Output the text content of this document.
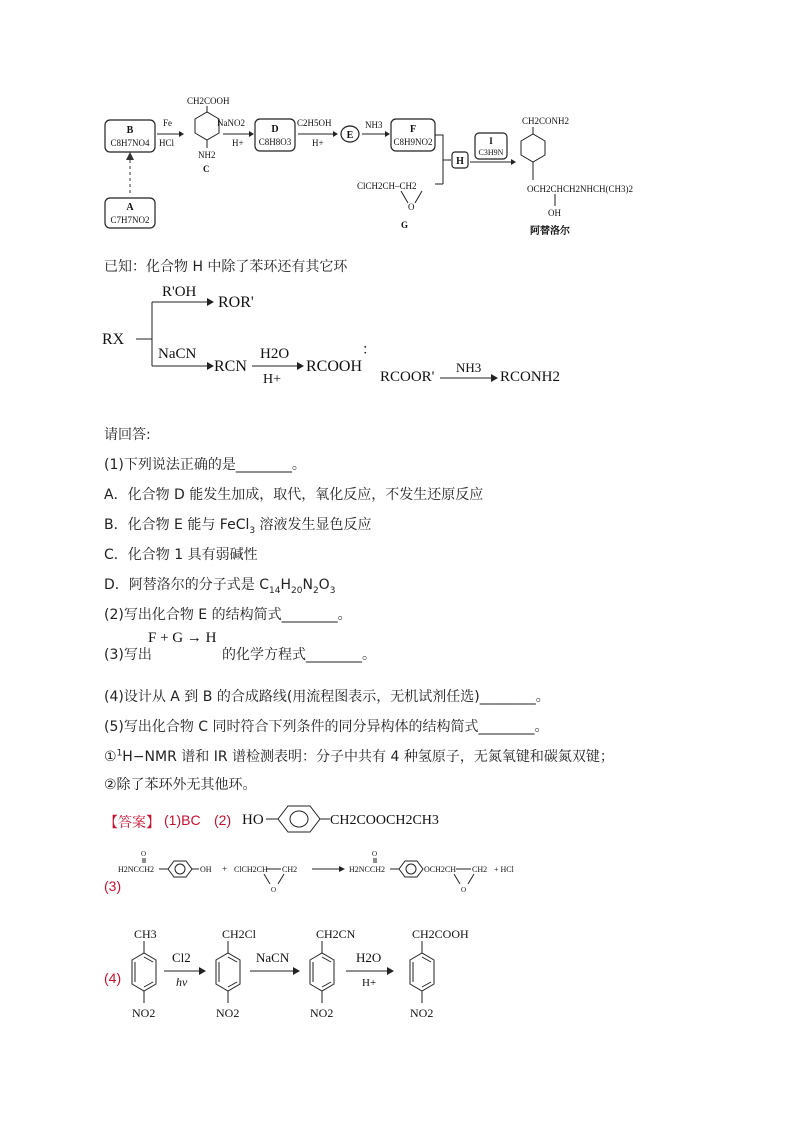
B
C8H7NO4
A
C7H7NO2
Fe
HCl
CH2COOH
NH2
C
NaNO2
H+
D
C8H8O3
C2H5OH
H+
E
NH3	F
C8H9NO2
ClCH2CH–CH2
O
G
H
I
C3H9N
CH2CONH2
OCH2CHCH2NHCH(CH3)2
OH
阿替洛尔
已知：化合物 H 中除了苯环还有其它环
RX
R'OH
ROR'
NaCN
RCN
H2O
H+
RCOOH
：
RCOOR'
NH3
RCONH2
请回答:
(1)下列说法正确的是________。
A．化合物 D 能发生加成，取代，氧化反应，不发生还原反应
B．化合物 E 能与 FeCl$_3$ 溶液发生显色反应
C．化合物 1 具有弱碱性
D．阿替洛尔的分子式是 $C_{14}H_{20}N_2O_3$
(2)写出化合物 E 的结构简式________。
(3)写出
F + G → H
的化学方程式________。
(4)设计从 A 到 B 的合成路线(用流程图表示，无机试剂任选)________。
(5)写出化合物 C 同时符合下列条件的同分异构体的结构简式________。
①$^1$H−NMR 谱和 IR 谱检测表明：分子中共有 4 种氢原子，无氮氧键和碳氮双键；
②除了苯环外无其他环。
【答案】 (1)BC (2) HO	CH2COOCH2CH3
(3)
O
H2NCCH2	OH + ClCH2CH CH2
O
O
H2NCCH2	OCH2CH CH2
O
+ HCl
(4)
CH3
NO2
Cl2
hv
CH2Cl
NO2
NaCN
CH2CN
NO2
H2O
H+
CH2COOH
NO2
